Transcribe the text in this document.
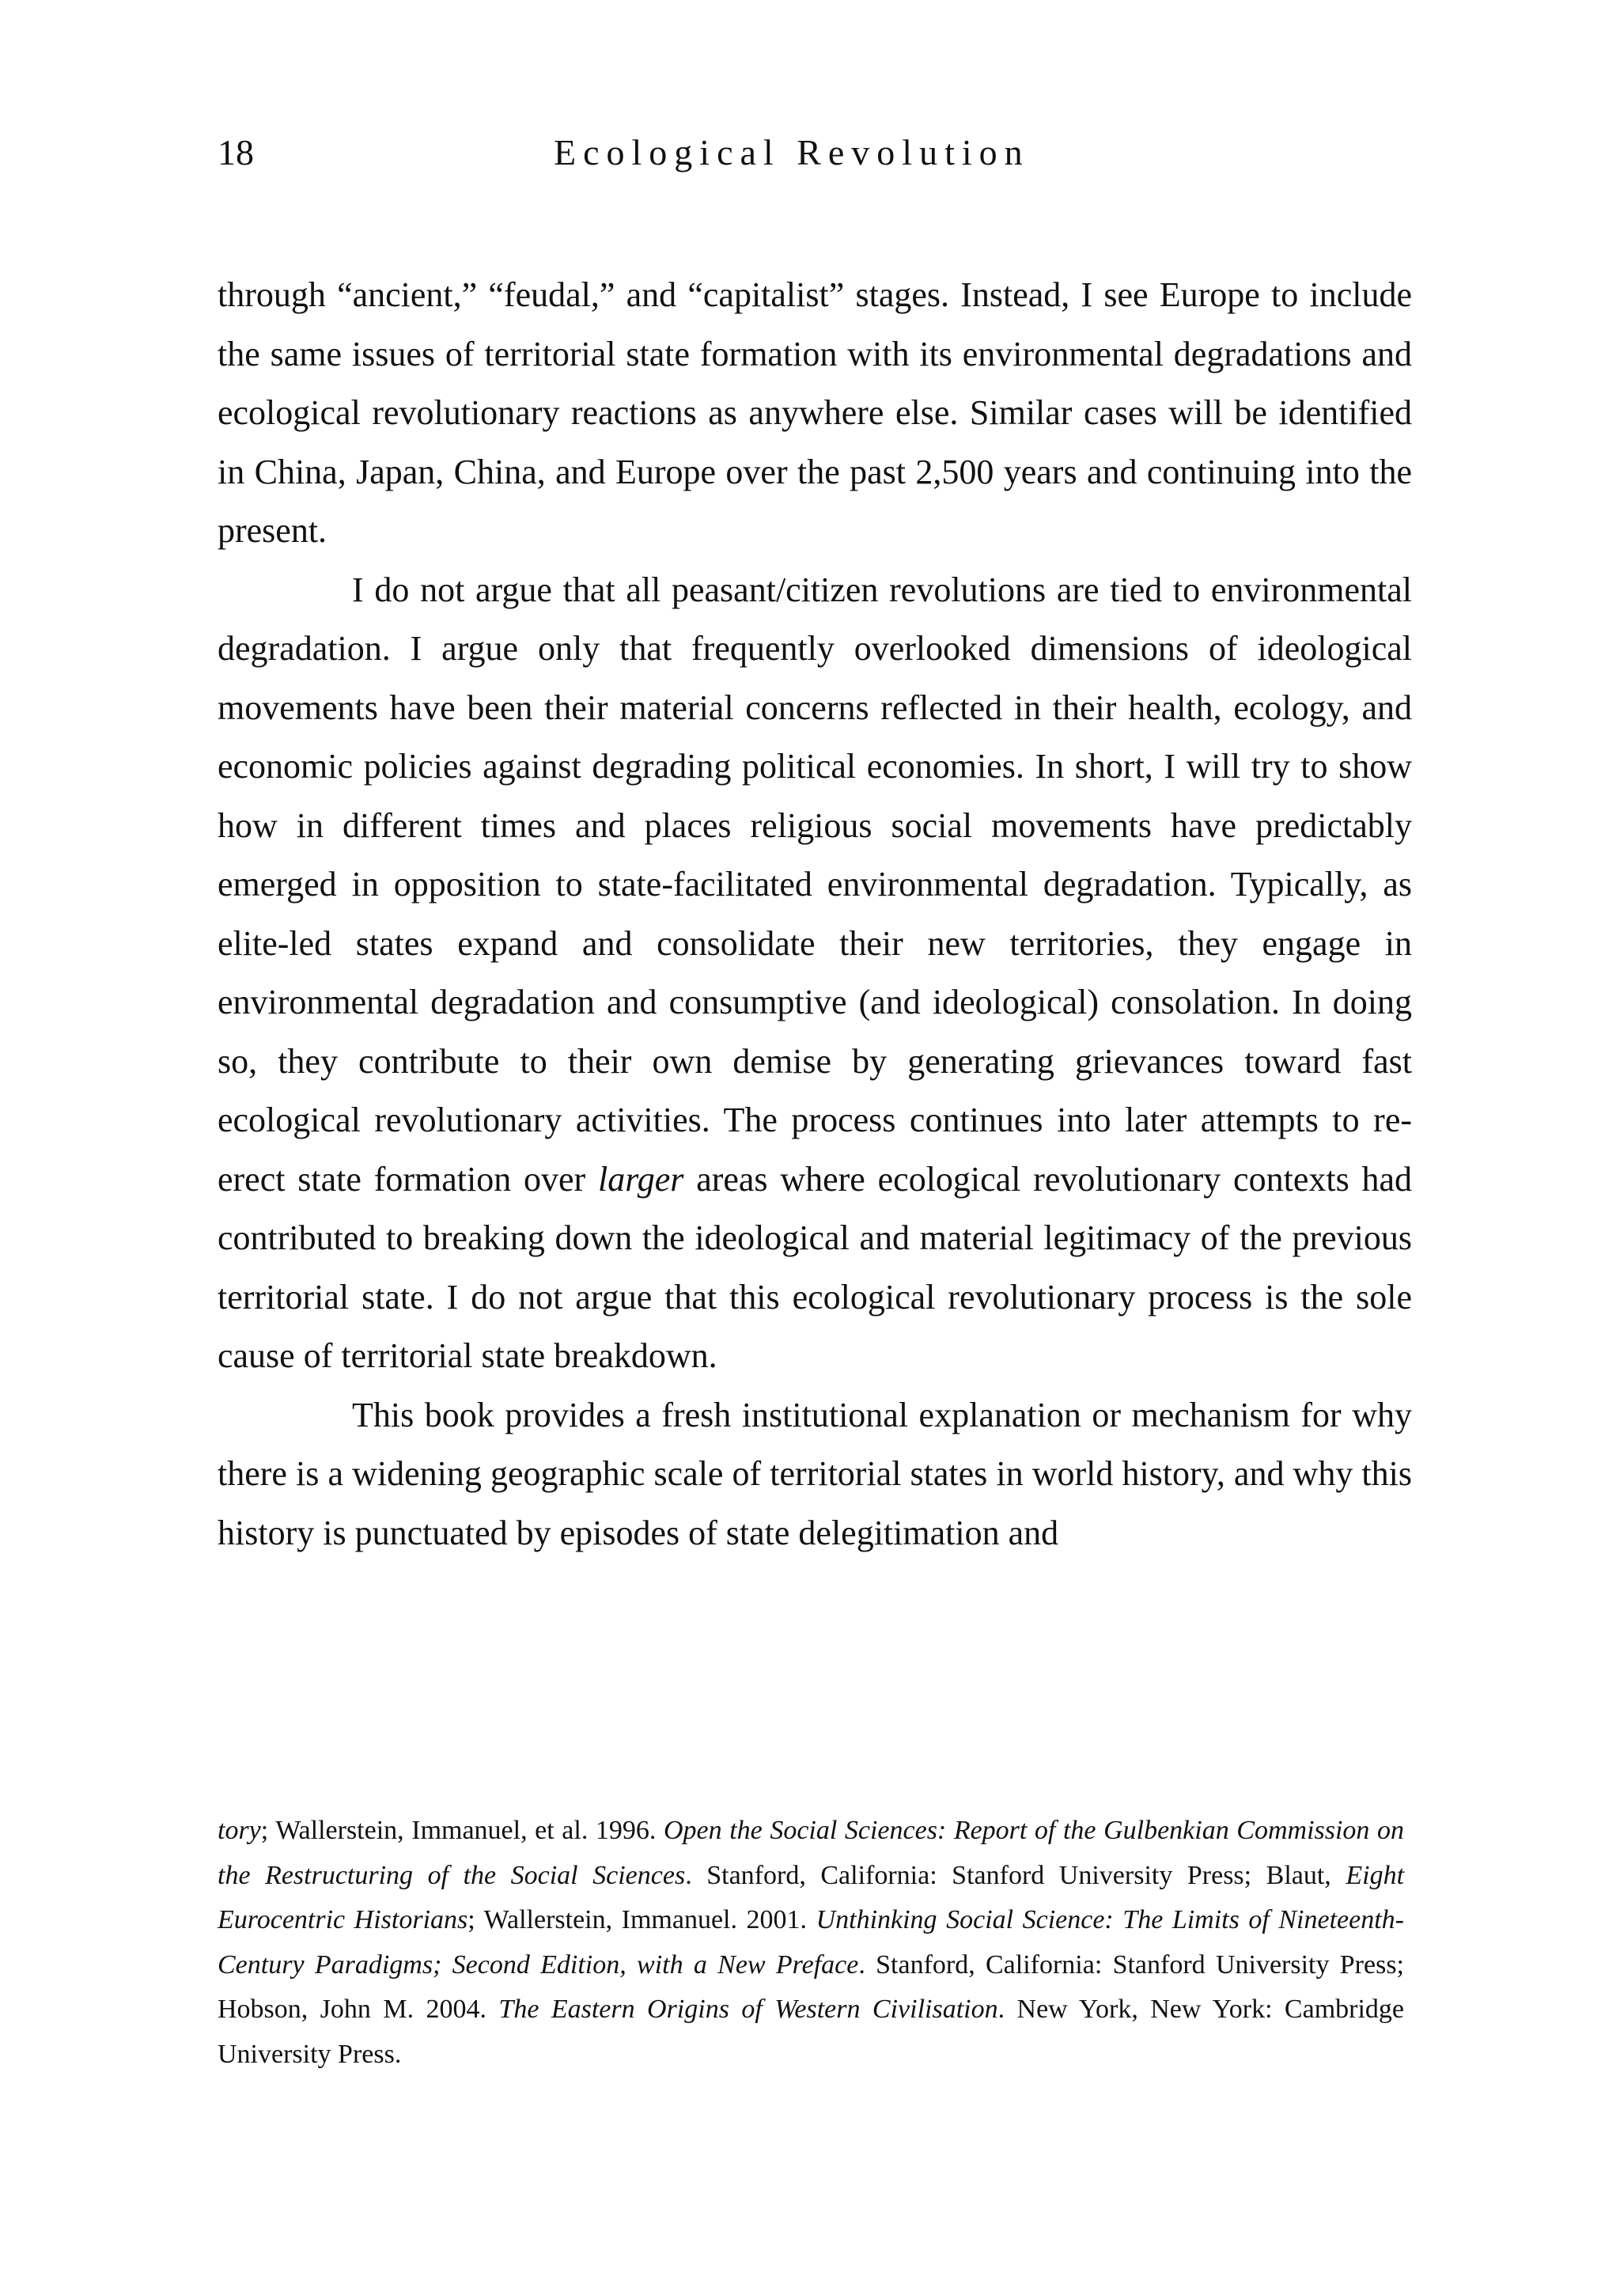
18	Ecological Revolution

through “ancient,” “feudal,” and “capitalist” stages. Instead, I see Europe to include the same issues of territorial state formation with its environmental degradations and ecological revolutionary reactions as anywhere else. Similar cases will be identified in China, Japan, China, and Europe over the past 2,500 years and continuing into the present.

I do not argue that all peasant/citizen revolutions are tied to environmental degradation. I argue only that frequently overlooked dimensions of ideological movements have been their material concerns reflected in their health, ecology, and economic policies against degrading political economies. In short, I will try to show how in different times and places religious social movements have predictably emerged in opposition to state-facilitated environmental degradation. Typically, as elite-led states expand and consolidate their new territories, they engage in environmental degradation and consumptive (and ideological) consolation. In doing so, they contribute to their own demise by generating grievances toward fast ecological revolutionary activities. The process continues into later attempts to re-erect state formation over larger areas where ecological revolutionary contexts had contributed to breaking down the ideological and material legitimacy of the previous territorial state. I do not argue that this ecological revolutionary process is the sole cause of territorial state breakdown.

This book provides a fresh institutional explanation or mechanism for why there is a widening geographic scale of territorial states in world history, and why this history is punctuated by episodes of state delegitimation and

tory; Wallerstein, Immanuel, et al. 1996. Open the Social Sciences: Report of the Gulbenkian Commission on the Restructuring of the Social Sciences. Stanford, California: Stanford University Press; Blaut, Eight Eurocentric Historians; Wallerstein, Immanuel. 2001. Unthinking Social Science: The Limits of Nineteenth-Century Paradigms; Second Edition, with a New Preface. Stanford, California: Stanford University Press; Hobson, John M. 2004. The Eastern Origins of Western Civilisation. New York, New York: Cambridge University Press.
